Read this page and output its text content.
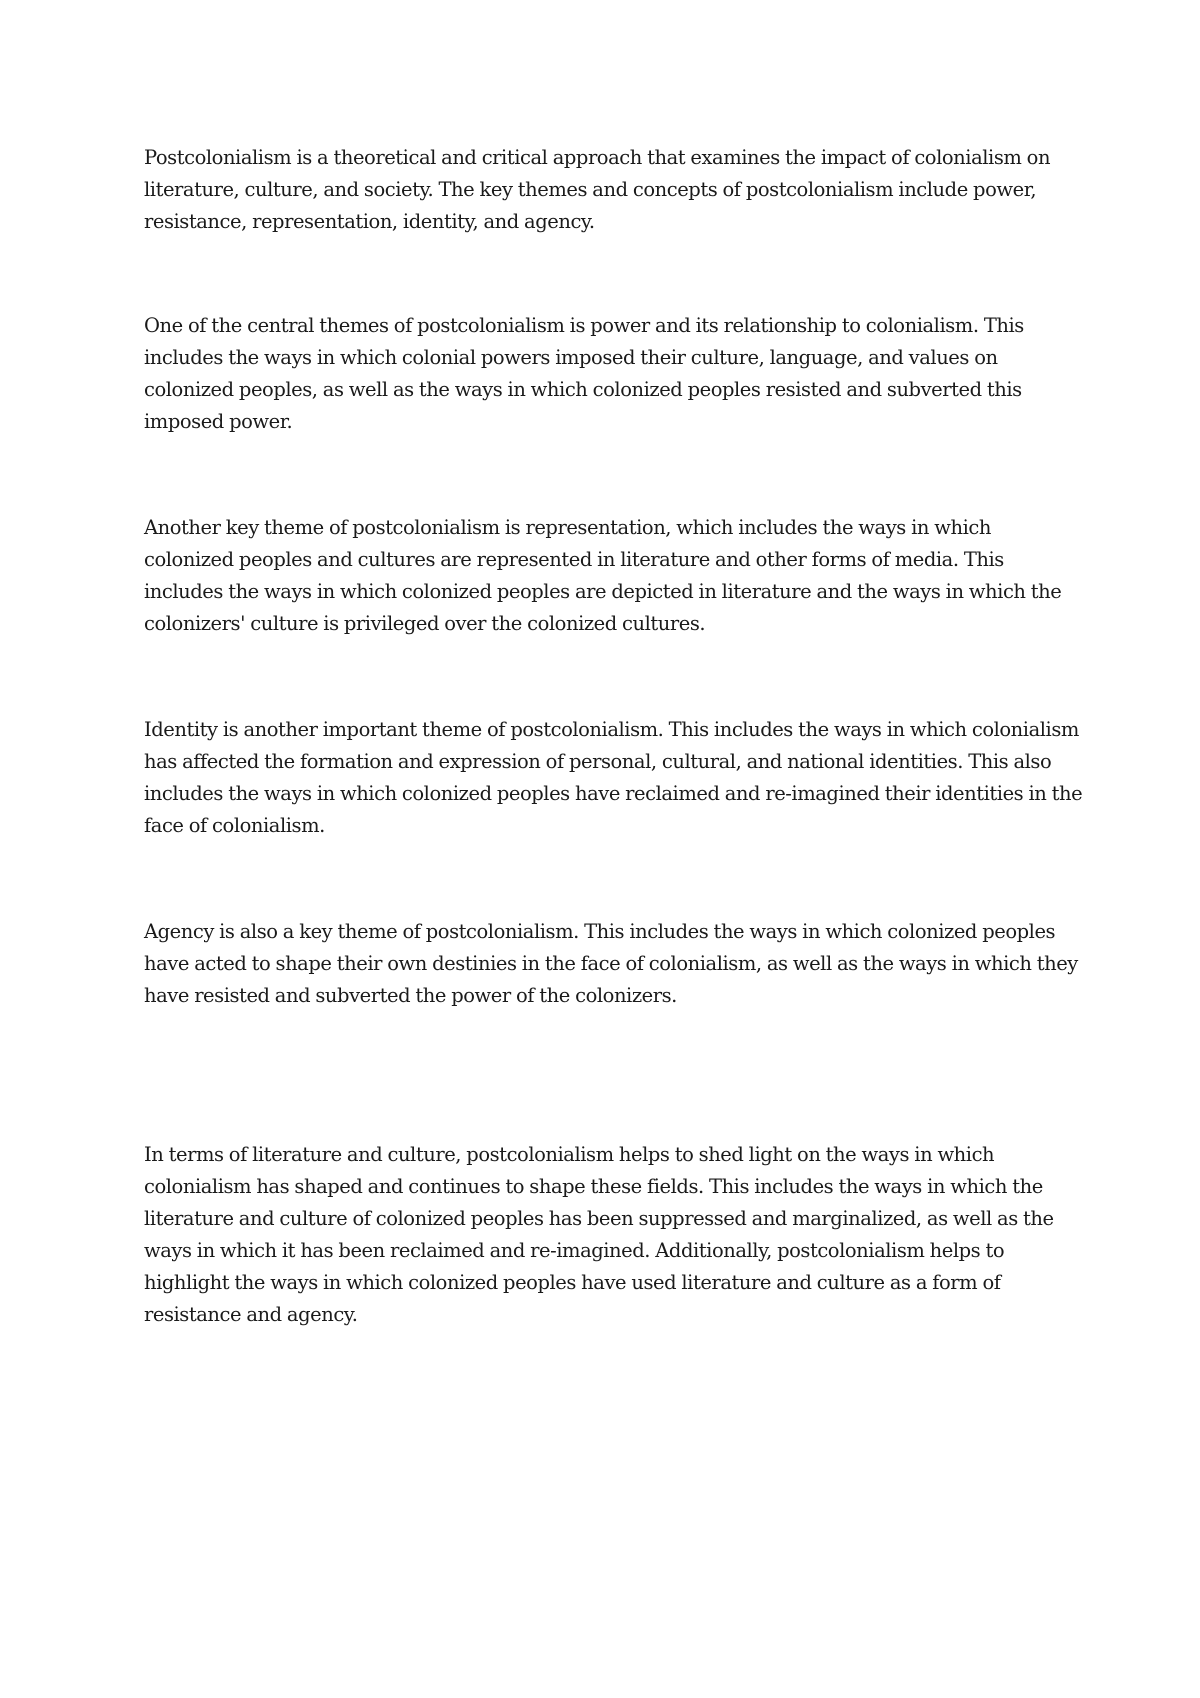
Postcolonialism is a theoretical and critical approach that examines the impact of colonialism on literature, culture, and society. The key themes and concepts of postcolonialism include power, resistance, representation, identity, and agency.

One of the central themes of postcolonialism is power and its relationship to colonialism. This includes the ways in which colonial powers imposed their culture, language, and values on colonized peoples, as well as the ways in which colonized peoples resisted and subverted this imposed power.

Another key theme of postcolonialism is representation, which includes the ways in which colonized peoples and cultures are represented in literature and other forms of media. This includes the ways in which colonized peoples are depicted in literature and the ways in which the colonizers' culture is privileged over the colonized cultures.

Identity is another important theme of postcolonialism. This includes the ways in which colonialism has affected the formation and expression of personal, cultural, and national identities. This also includes the ways in which colonized peoples have reclaimed and re-imagined their identities in the face of colonialism.

Agency is also a key theme of postcolonialism. This includes the ways in which colonized peoples have acted to shape their own destinies in the face of colonialism, as well as the ways in which they have resisted and subverted the power of the colonizers.

In terms of literature and culture, postcolonialism helps to shed light on the ways in which colonialism has shaped and continues to shape these fields. This includes the ways in which the literature and culture of colonized peoples has been suppressed and marginalized, as well as the ways in which it has been reclaimed and re-imagined. Additionally, postcolonialism helps to highlight the ways in which colonized peoples have used literature and culture as a form of resistance and agency.
